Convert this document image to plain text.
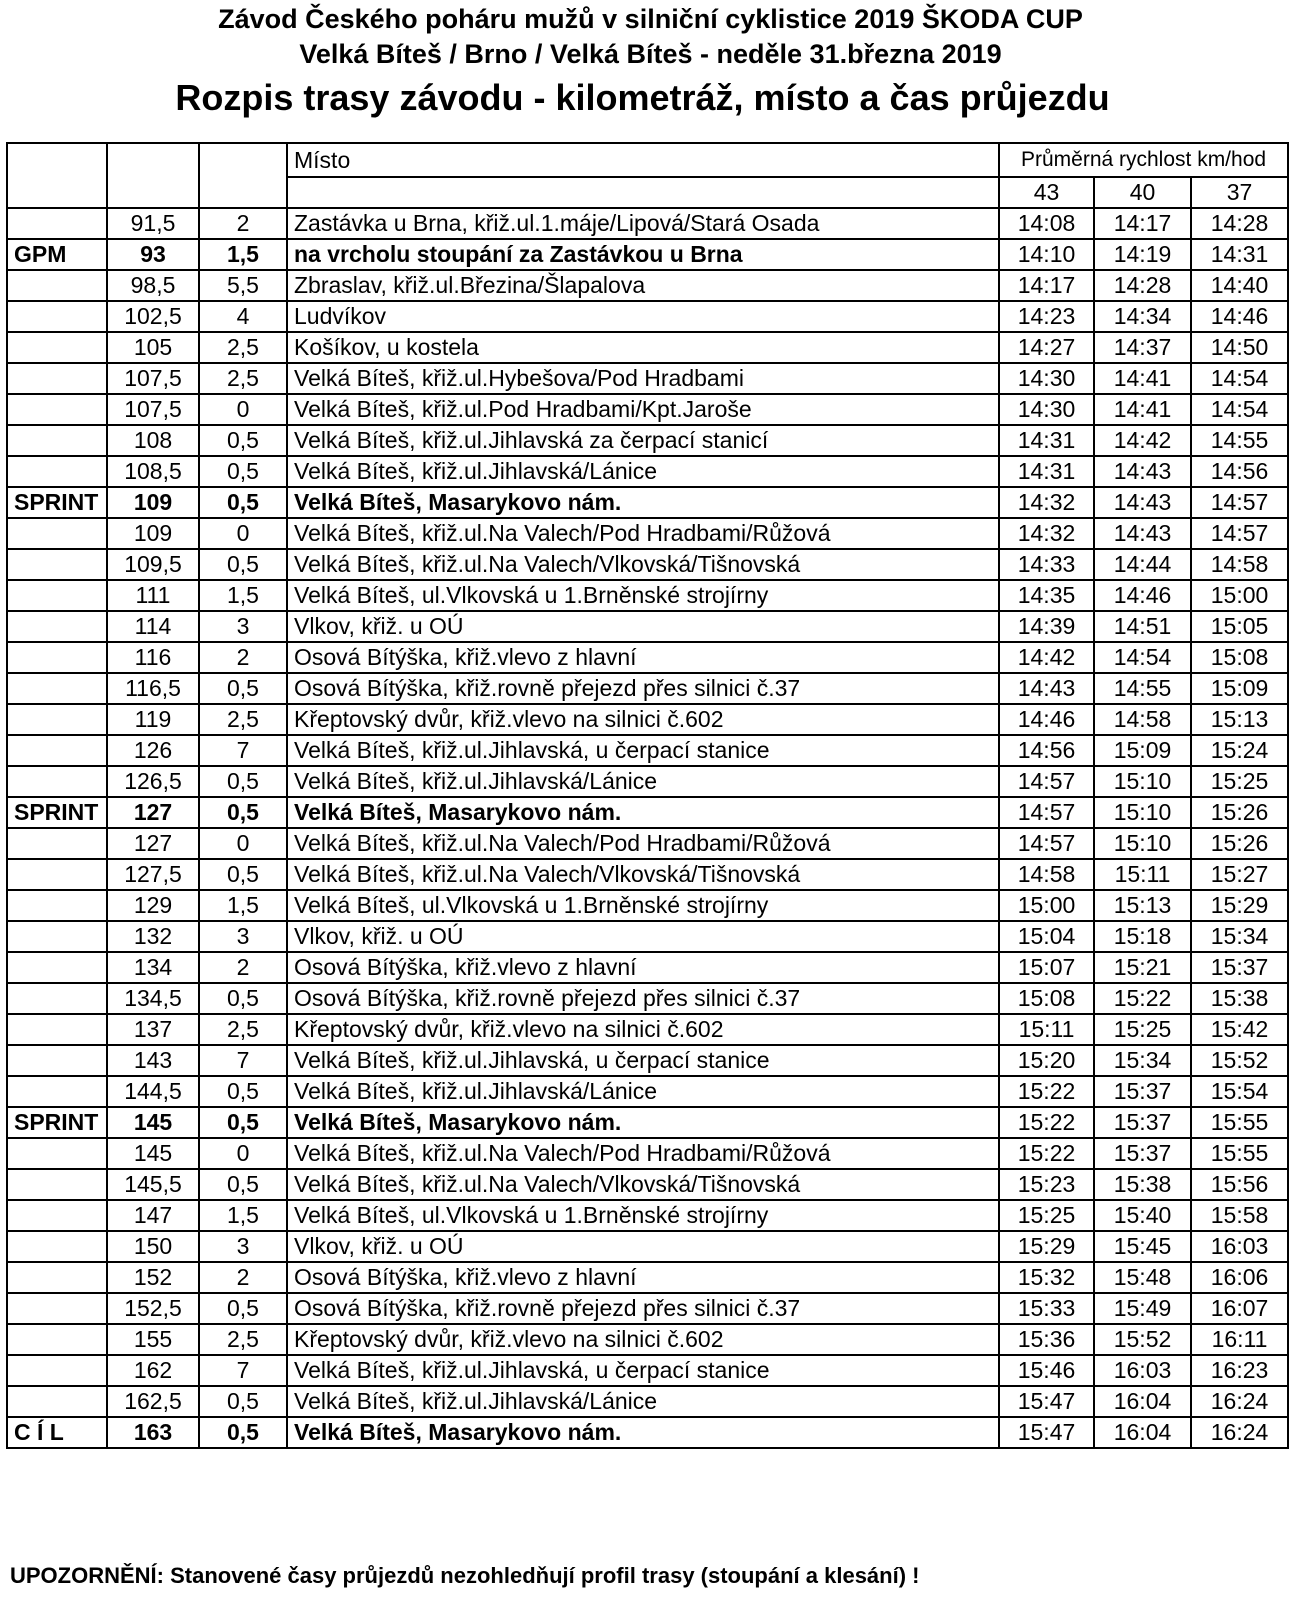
Závod Českého poháru mužů v silniční cyklistice 2019 ŠKODA CUP
Velká Bíteš / Brno / Velká Bíteš - neděle 31.března 2019
Rozpis trasy závodu - kilometráž, místo a čas průjezdu
			Místo	Průměrná rychlost km/hod		
				43	40	37
	91,5	2	Zastávka u Brna, křiž.ul.1.máje/Lipová/Stará Osada	14:08	14:17	14:28
GPM	93	1,5	na vrcholu stoupání za Zastávkou u Brna	14:10	14:19	14:31
	98,5	5,5	Zbraslav, křiž.ul.Březina/Šlapalova	14:17	14:28	14:40
	102,5	4	Ludvíkov	14:23	14:34	14:46
	105	2,5	Košíkov, u kostela	14:27	14:37	14:50
	107,5	2,5	Velká Bíteš, křiž.ul.Hybešova/Pod Hradbami	14:30	14:41	14:54
	107,5	0	Velká Bíteš, křiž.ul.Pod Hradbami/Kpt.Jaroše	14:30	14:41	14:54
	108	0,5	Velká Bíteš, křiž.ul.Jihlavská za čerpací stanicí	14:31	14:42	14:55
	108,5	0,5	Velká Bíteš, křiž.ul.Jihlavská/Lánice	14:31	14:43	14:56
SPRINT	109	0,5	Velká Bíteš, Masarykovo nám.	14:32	14:43	14:57
	109	0	Velká Bíteš, křiž.ul.Na Valech/Pod Hradbami/Růžová	14:32	14:43	14:57
	109,5	0,5	Velká Bíteš, křiž.ul.Na Valech/Vlkovská/Tišnovská	14:33	14:44	14:58
	111	1,5	Velká Bíteš, ul.Vlkovská u 1.Brněnské strojírny	14:35	14:46	15:00
	114	3	Vlkov, křiž. u OÚ	14:39	14:51	15:05
	116	2	Osová Bítýška, křiž.vlevo z hlavní	14:42	14:54	15:08
	116,5	0,5	Osová Bítýška, křiž.rovně přejezd přes silnici č.37	14:43	14:55	15:09
	119	2,5	Křeptovský dvůr, křiž.vlevo na silnici č.602	14:46	14:58	15:13
	126	7	Velká Bíteš, křiž.ul.Jihlavská, u čerpací stanice	14:56	15:09	15:24
	126,5	0,5	Velká Bíteš, křiž.ul.Jihlavská/Lánice	14:57	15:10	15:25
SPRINT	127	0,5	Velká Bíteš, Masarykovo nám.	14:57	15:10	15:26
	127	0	Velká Bíteš, křiž.ul.Na Valech/Pod Hradbami/Růžová	14:57	15:10	15:26
	127,5	0,5	Velká Bíteš, křiž.ul.Na Valech/Vlkovská/Tišnovská	14:58	15:11	15:27
	129	1,5	Velká Bíteš, ul.Vlkovská u 1.Brněnské strojírny	15:00	15:13	15:29
	132	3	Vlkov, křiž. u OÚ	15:04	15:18	15:34
	134	2	Osová Bítýška, křiž.vlevo z hlavní	15:07	15:21	15:37
	134,5	0,5	Osová Bítýška, křiž.rovně přejezd přes silnici č.37	15:08	15:22	15:38
	137	2,5	Křeptovský dvůr, křiž.vlevo na silnici č.602	15:11	15:25	15:42
	143	7	Velká Bíteš, křiž.ul.Jihlavská, u čerpací stanice	15:20	15:34	15:52
	144,5	0,5	Velká Bíteš, křiž.ul.Jihlavská/Lánice	15:22	15:37	15:54
SPRINT	145	0,5	Velká Bíteš, Masarykovo nám.	15:22	15:37	15:55
	145	0	Velká Bíteš, křiž.ul.Na Valech/Pod Hradbami/Růžová	15:22	15:37	15:55
	145,5	0,5	Velká Bíteš, křiž.ul.Na Valech/Vlkovská/Tišnovská	15:23	15:38	15:56
	147	1,5	Velká Bíteš, ul.Vlkovská u 1.Brněnské strojírny	15:25	15:40	15:58
	150	3	Vlkov, křiž. u OÚ	15:29	15:45	16:03
	152	2	Osová Bítýška, křiž.vlevo z hlavní	15:32	15:48	16:06
	152,5	0,5	Osová Bítýška, křiž.rovně přejezd přes silnici č.37	15:33	15:49	16:07
	155	2,5	Křeptovský dvůr, křiž.vlevo na silnici č.602	15:36	15:52	16:11
	162	7	Velká Bíteš, křiž.ul.Jihlavská, u čerpací stanice	15:46	16:03	16:23
	162,5	0,5	Velká Bíteš, křiž.ul.Jihlavská/Lánice	15:47	16:04	16:24
C Í L	163	0,5	Velká Bíteš, Masarykovo nám.	15:47	16:04	16:24
UPOZORNĚNÍ: Stanovené časy průjezdů nezohledňují profil trasy (stoupání a klesání) !
